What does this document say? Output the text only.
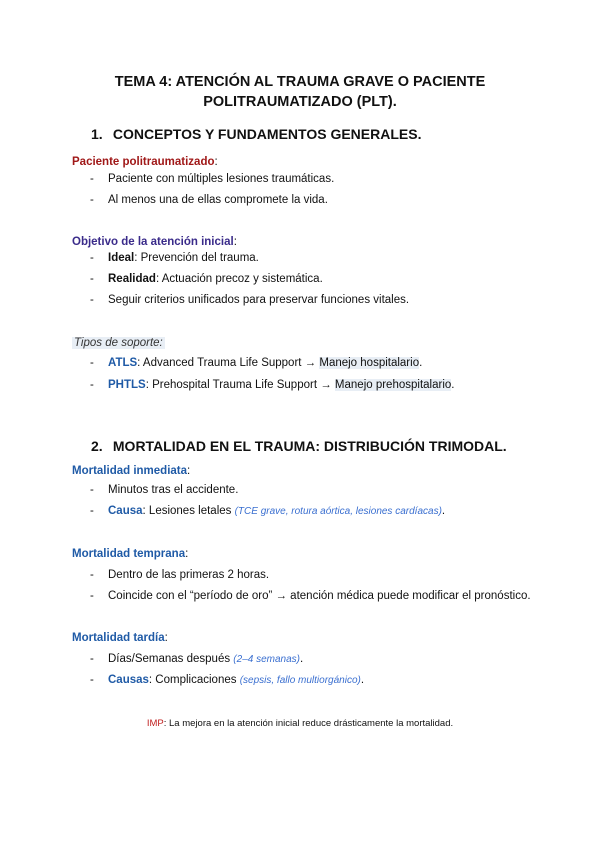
TEMA 4: ATENCIÓN AL TRAUMA GRAVE O PACIENTE
POLITRAUMATIZADO (PLT).
1. CONCEPTOS Y FUNDAMENTOS GENERALES.
Paciente politraumatizado:
- Paciente con múltiples lesiones traumáticas.
- Al menos una de ellas compromete la vida.
Objetivo de la atención inicial:
- Ideal: Prevención del trauma.
- Realidad: Actuación precoz y sistemática.
- Seguir criterios unificados para preservar funciones vitales.
Tipos de soporte:
- ATLS: Advanced Trauma Life Support → Manejo hospitalario.
- PHTLS: Prehospital Trauma Life Support → Manejo prehospitalario.
2. MORTALIDAD EN EL TRAUMA: DISTRIBUCIÓN TRIMODAL.
Mortalidad inmediata:
- Minutos tras el accidente.
- Causa: Lesiones letales (TCE grave, rotura aórtica, lesiones cardíacas).
Mortalidad temprana:
- Dentro de las primeras 2 horas.
- Coincide con el “período de oro” → atención médica puede modificar el pronóstico.
Mortalidad tardía:
- Días/Semanas después (2–4 semanas).
- Causas: Complicaciones (sepsis, fallo multiorgánico).
IMP: La mejora en la atención inicial reduce drásticamente la mortalidad.
